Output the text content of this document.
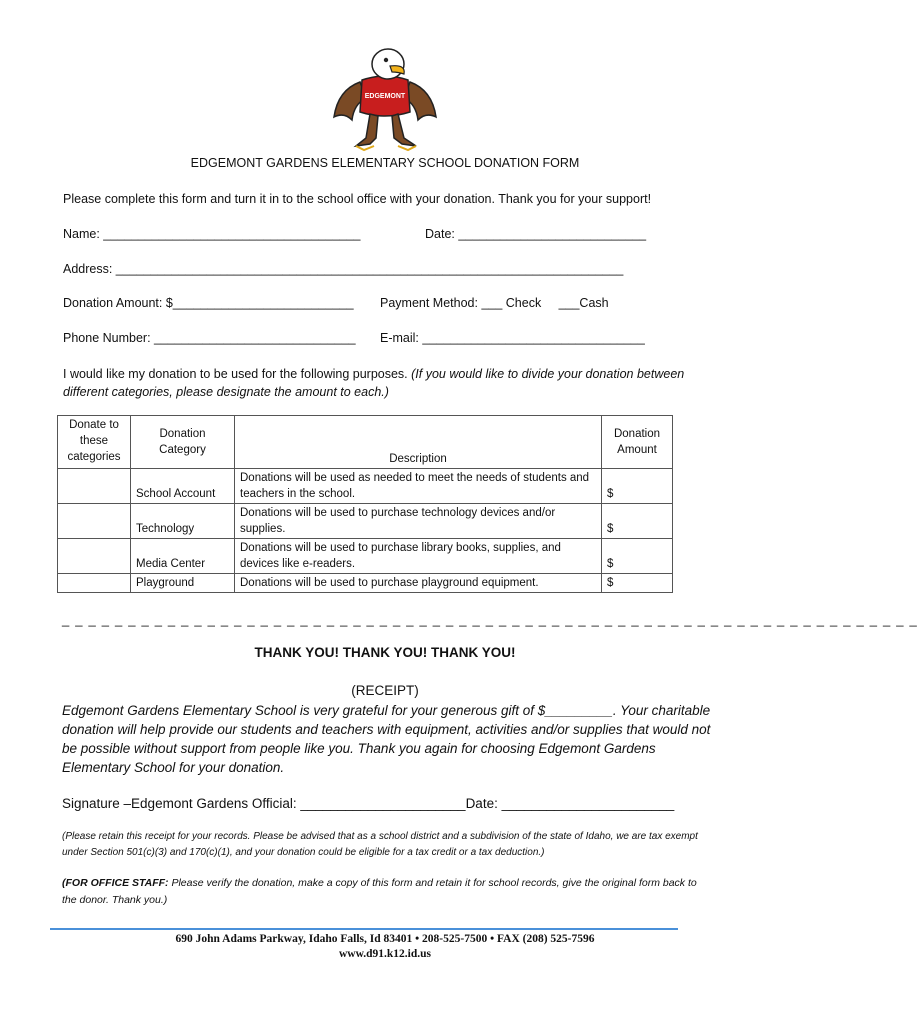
EDGEMONT
EDGEMONT GARDENS ELEMENTARY SCHOOL DONATION FORM
Please complete this form and turn it in to the school office with your donation. Thank you for your support!
Name: _____________________________________	Date: ___________________________
Address: _________________________________________________________________________
Donation Amount: $__________________________ Payment Method: ___ Check     ___Cash
Phone Number: _____________________________ E-mail: ________________________________
I would like my donation to be used for the following purposes. (If you would like to divide your donation between different categories, please designate the amount to each.)
Donate to these categories	Donation Category	Description	Donation Amount
	School Account	Donations will be used as needed to meet the needs of students and teachers in the school.	$
	Technology	Donations will be used to purchase technology devices and/or supplies.	$
	Media Center	Donations will be used to purchase library books, supplies, and devices like e-readers.	$
	Playground	Donations will be used to purchase playground equipment.	$
_ _ _ _ _ _ _ _ _ _ _ _ _ _ _ _ _ _ _ _ _ _ _ _ _ _ _ _ _ _ _ _ _ _ _ _ _ _ _ _ _ _ _ _ _ _ _ _ _ _ _ _ _ _ _ _ _ _ _ _ _ _ _ _ _
THANK YOU! THANK YOU! THANK YOU!
(RECEIPT)
Edgemont Gardens Elementary School is very grateful for your generous gift of $_________. Your charitable donation will help provide our students and teachers with equipment, activities and/or supplies that would not be possible without support from people like you. Thank you again for choosing Edgemont Gardens Elementary School for your donation.
Signature –Edgemont Gardens Official: ______________________Date: _______________________
(Please retain this receipt for your records. Please be advised that as a school district and a subdivision of the state of Idaho, we are tax exempt under Section 501(c)(3) and 170(c)(1), and your donation could be eligible for a tax credit or a tax deduction.)
(FOR OFFICE STAFF: Please verify the donation, make a copy of this form and retain it for school records, give the original form back to the donor. Thank you.)
690 John Adams Parkway, Idaho Falls, Id 83401 • 208-525-7500 • FAX (208) 525-7596
www.d91.k12.id.us
